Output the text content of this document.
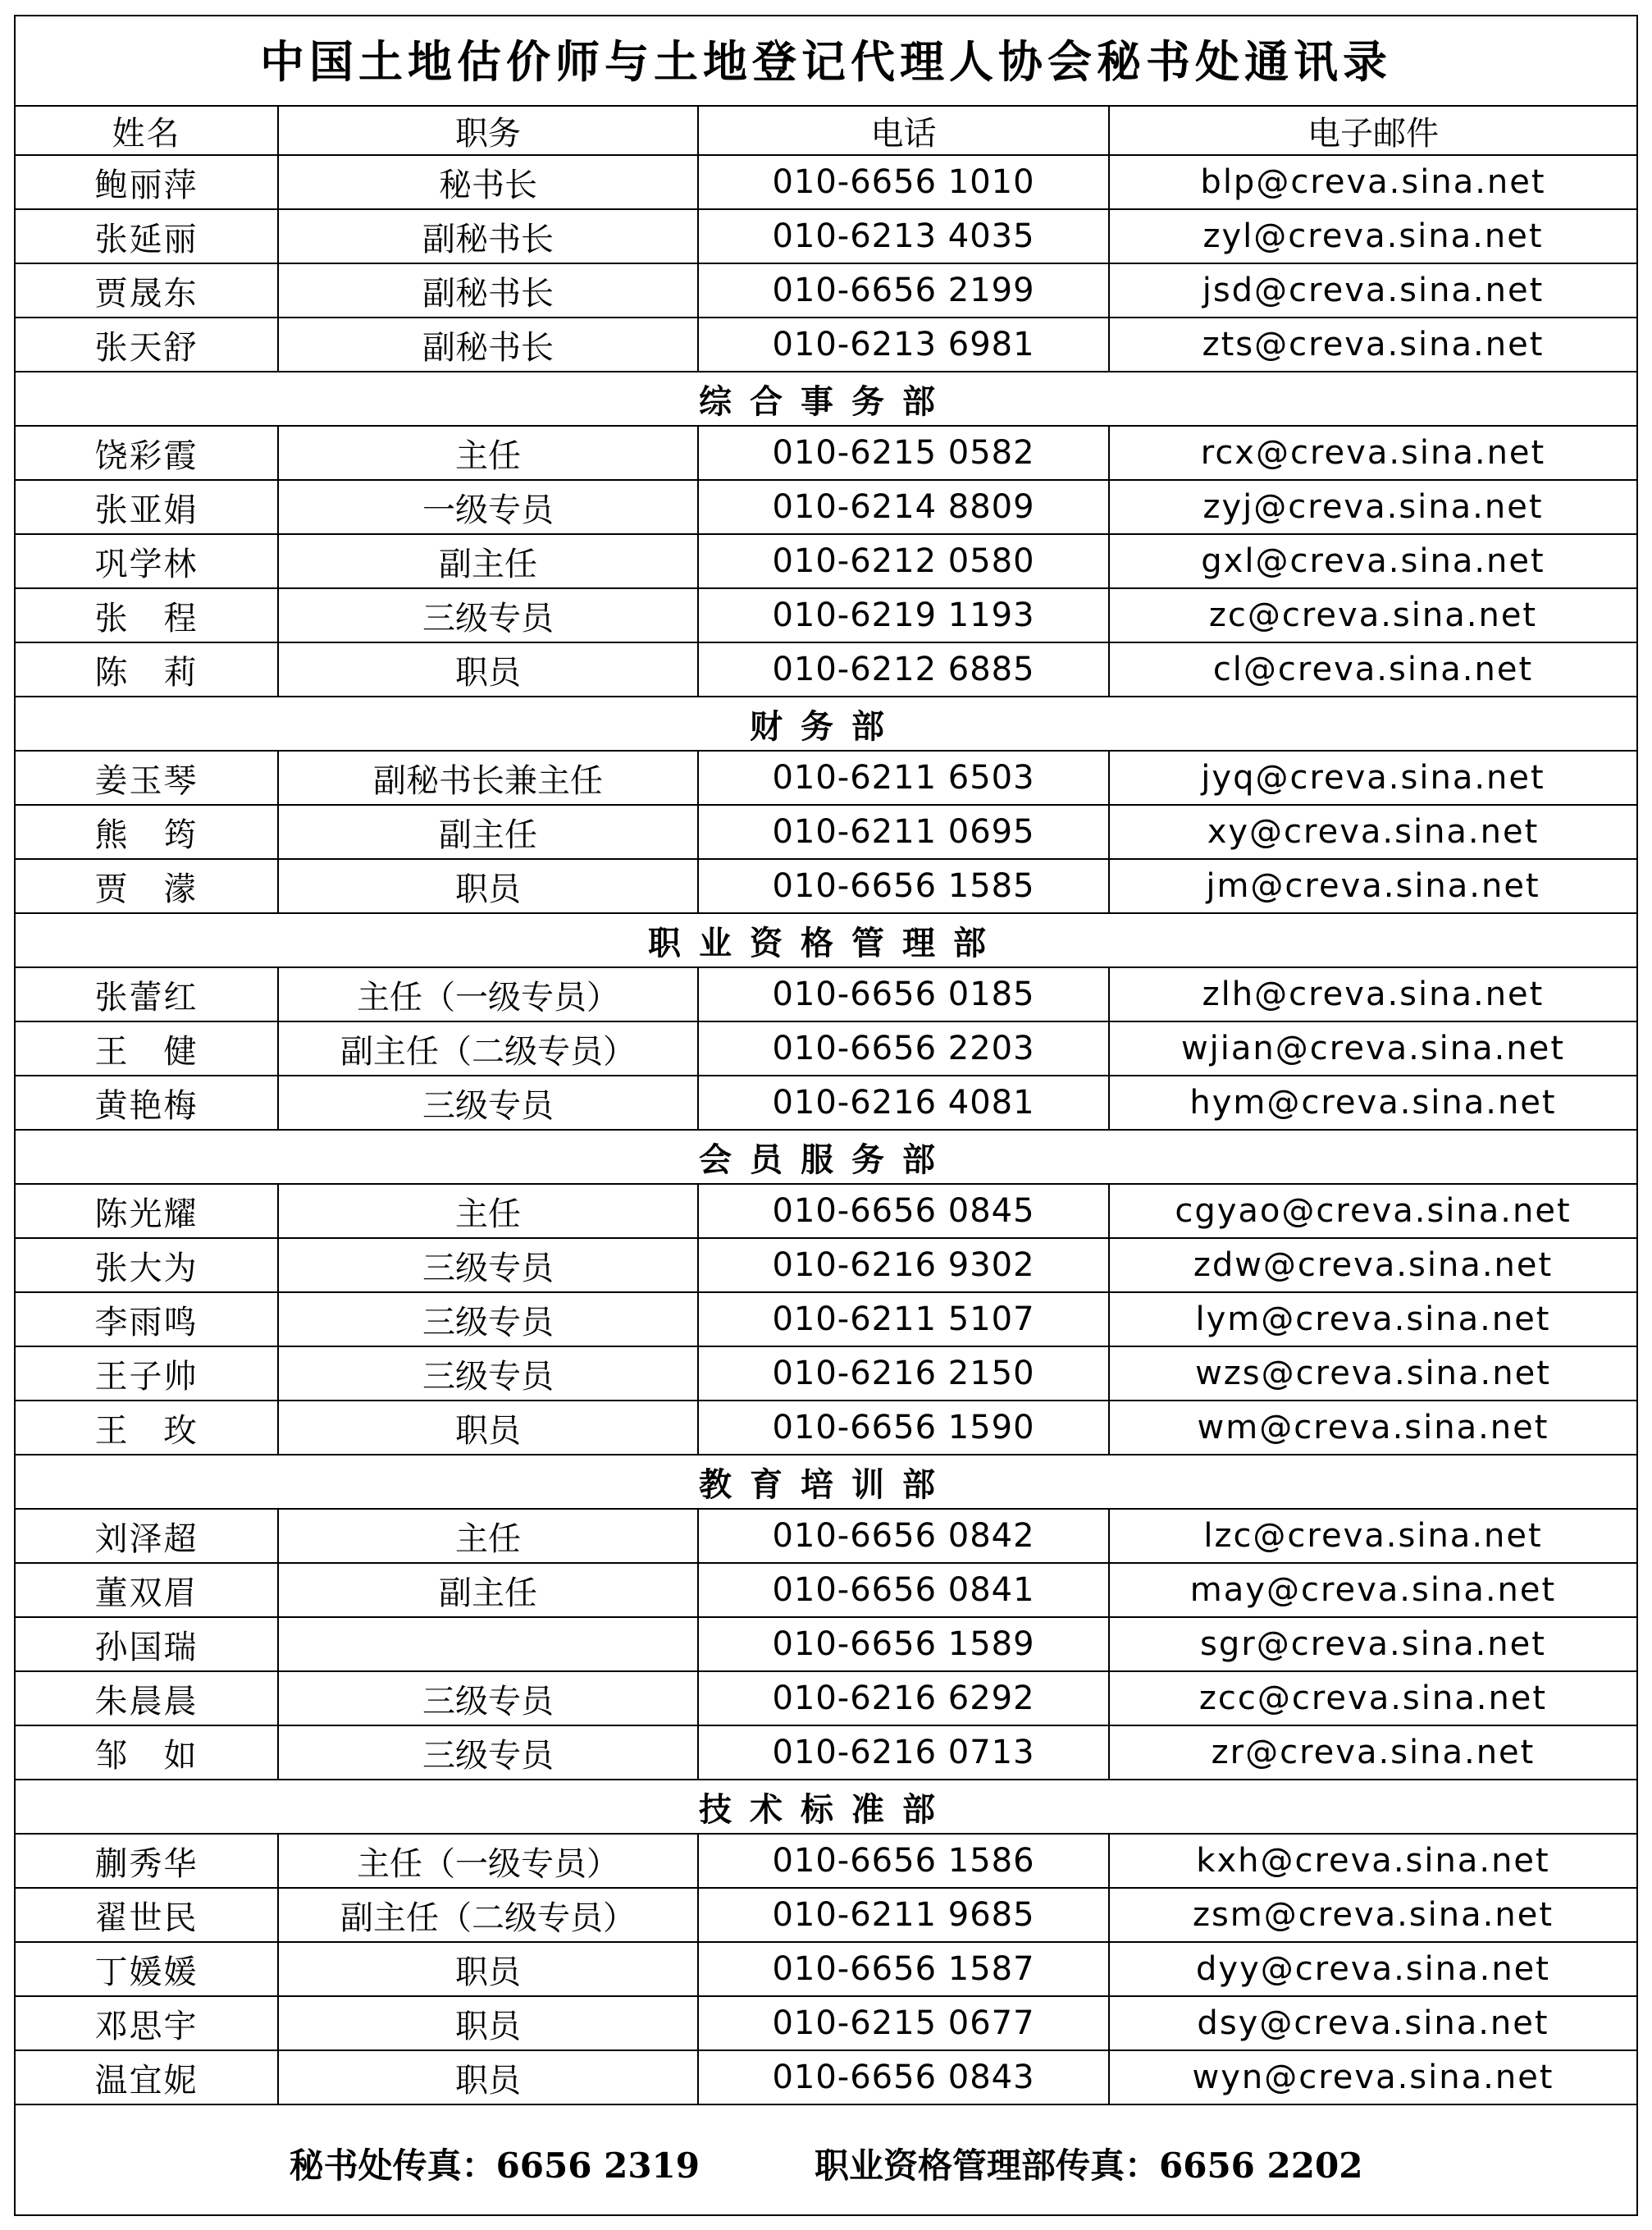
中国土地估价师与土地登记代理人协会秘书处通讯录
姓名	职务	电话	电子邮件
鲍丽萍	秘书长	010-6656 1010	blp@creva.sina.net
张延丽	副秘书长	010-6213 4035	zyl@creva.sina.net
贾晟东	副秘书长	010-6656 2199	jsd@creva.sina.net
张天舒	副秘书长	010-6213 6981	zts@creva.sina.net
综合事务部			
饶彩霞	主任	010-6215 0582	rcx@creva.sina.net
张亚娟	一级专员	010-6214 8809	zyj@creva.sina.net
巩学林	副主任	010-6212 0580	gxl@creva.sina.net
张　程	三级专员	010-6219 1193	zc@creva.sina.net
陈　莉	职员	010-6212 6885	cl@creva.sina.net
财务部			
姜玉琴	副秘书长兼主任	010-6211 6503	jyq@creva.sina.net
熊　筠	副主任	010-6211 0695	xy@creva.sina.net
贾　濛	职员	010-6656 1585	jm@creva.sina.net
职业资格管理部			
张蕾红	主任（一级专员）	010-6656 0185	zlh@creva.sina.net
王　健	副主任（二级专员）	010-6656 2203	wjian@creva.sina.net
黄艳梅	三级专员	010-6216 4081	hym@creva.sina.net
会员服务部			
陈光耀	主任	010-6656 0845	cgyao@creva.sina.net
张大为	三级专员	010-6216 9302	zdw@creva.sina.net
李雨鸣	三级专员	010-6211 5107	lym@creva.sina.net
王子帅	三级专员	010-6216 2150	wzs@creva.sina.net
王　玫	职员	010-6656 1590	wm@creva.sina.net
教育培训部			
刘泽超	主任	010-6656 0842	lzc@creva.sina.net
董双眉	副主任	010-6656 0841	may@creva.sina.net
孙国瑞		010-6656 1589	sgr@creva.sina.net
朱晨晨	三级专员	010-6216 6292	zcc@creva.sina.net
邹　如	三级专员	010-6216 0713	zr@creva.sina.net
技术标准部			
蒯秀华	主任（一级专员）	010-6656 1586	kxh@creva.sina.net
翟世民	副主任（二级专员）	010-6211 9685	zsm@creva.sina.net
丁媛媛	职员	010-6656 1587	dyy@creva.sina.net
邓思宇	职员	010-6215 0677	dsy@creva.sina.net
温宜妮	职员	010-6656 0843	wyn@creva.sina.net
秘书处传真：6656 2319	职业资格管理部传真：6656 2202
